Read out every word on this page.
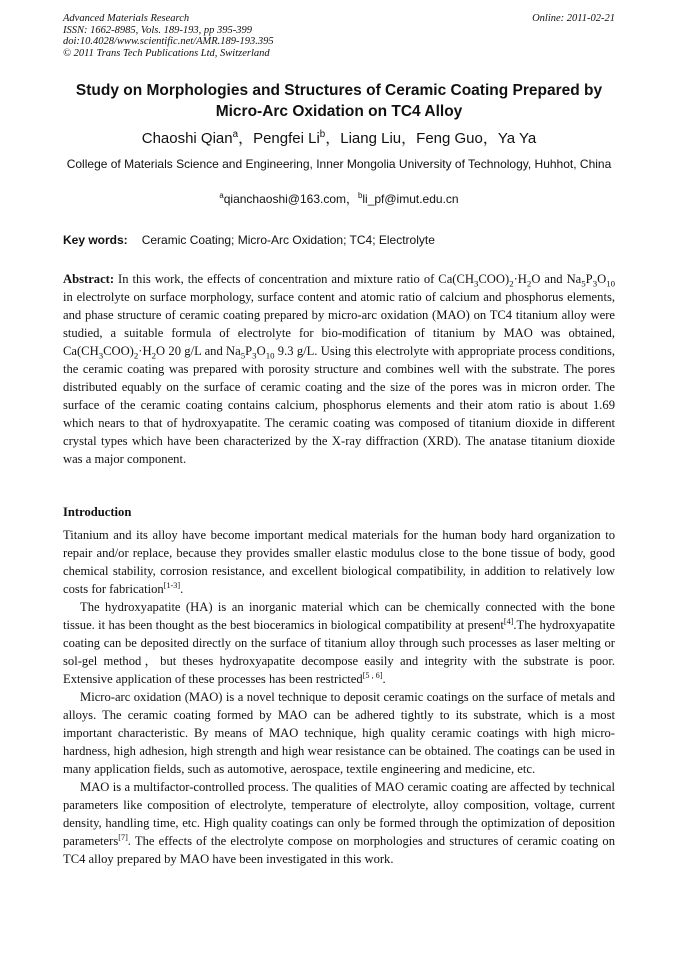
Advanced Materials Research
ISSN: 1662-8985, Vols. 189-193, pp 395-399
doi:10.4028/www.scientific.net/AMR.189-193.395
© 2011 Trans Tech Publications Ltd, Switzerland
Online: 2011-02-21
Study on Morphologies and Structures of Ceramic Coating Prepared by
Micro-Arc Oxidation on TC4 Alloy
Chaoshi Qian$^a$，Pengfei Li$^b$，Liang Liu，Feng Guo，Ya Ya
College of Materials Science and Engineering, Inner Mongolia University of Technology, Huhhot, China
$^a$qianchaoshi@163.com，$^b$li_pf@imut.edu.cn
Key words: Ceramic Coating; Micro-Arc Oxidation; TC4; Electrolyte
Abstract: In this work, the effects of concentration and mixture ratio of $Ca(CH_3COO)_2\cdot H_2O$ and $Na_5P_3O_{10}$ in electrolyte on surface morphology, surface content and atomic ratio of calcium and phosphorus elements, and phase structure of ceramic coating prepared by micro-arc oxidation (MAO) on TC4 titanium alloy were studied, a suitable formula of electrolyte for bio-modification of titanium by MAO was obtained, $Ca(CH_3COO)_2\cdot H_2O$ 20 g/L and $Na_5P_3O_{10}$ 9.3 g/L. Using this electrolyte with appropriate process conditions, the ceramic coating was prepared with porosity structure and combines well with the substrate. The pores distributed equably on the surface of ceramic coating and the size of the pores was in micron order. The surface of the ceramic coating contains calcium, phosphorus elements and their atom ratio is about 1.69 which nears to that of hydroxyapatite. The ceramic coating was composed of titanium dioxide in different crystal types which have been characterized by the X-ray diffraction (XRD). The anatase titanium dioxide was a major component.
Introduction

Titanium and its alloy have become important medical materials for the human body hard organization to repair and/or replace, because they provides smaller elastic modulus close to the bone tissue of body, good chemical stability, corrosion resistance, and excellent biological compatibility, in addition to relatively low costs for fabrication[1-3].

The hydroxyapatite (HA) is an inorganic material which can be chemically connected with the bone tissue. it has been thought as the best bioceramics in biological compatibility at present[4].The hydroxyapatite coating can be deposited directly on the surface of titanium alloy through such processes as laser melting or sol-gel method，but theses hydroxyapatite decompose easily and integrity with the substrate is poor. Extensive application of these processes has been restricted[5 , 6].

Micro-arc oxidation (MAO) is a novel technique to deposit ceramic coatings on the surface of metals and alloys. The ceramic coating formed by MAO can be adhered tightly to its substrate, which is a most important characteristic. By means of MAO technique, high quality ceramic coatings with high micro-hardness, high adhesion, high strength and high wear resistance can be obtained. The coatings can be used in many application fields, such as automotive, aerospace, textile engineering and medicine, etc.

MAO is a multifactor-controlled process. The qualities of MAO ceramic coating are affected by technical parameters like composition of electrolyte, temperature of electrolyte, alloy composition, voltage, current density, handling time, etc. High quality coatings can only be formed through the optimization of deposition parameters[7]. The effects of the electrolyte compose on morphologies and structures of ceramic coating on TC4 alloy prepared by MAO have been investigated in this work.
